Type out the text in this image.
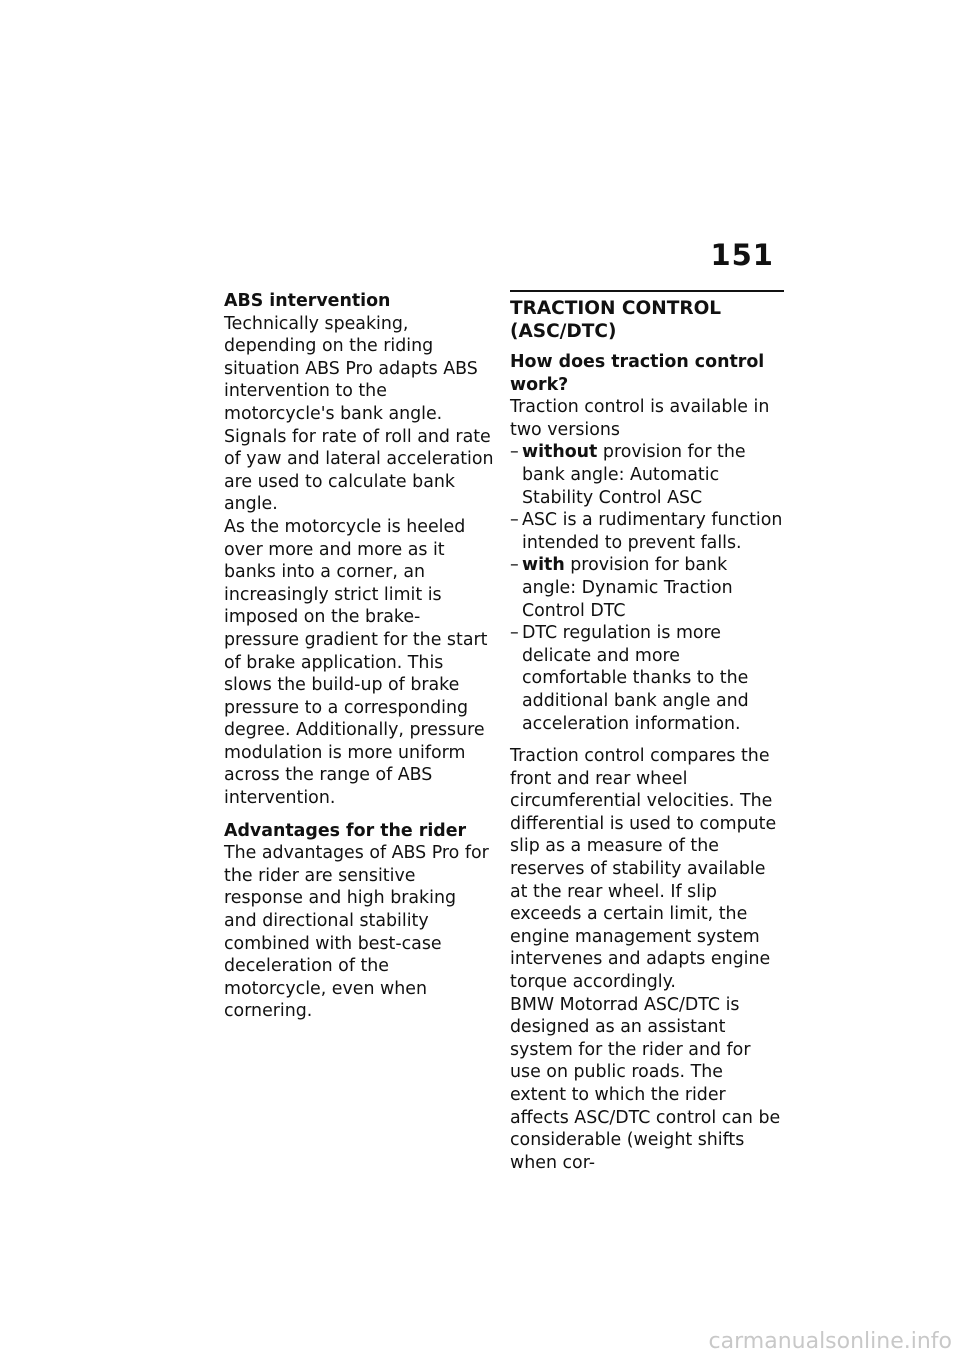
151

ABS intervention

Technically speaking, depending on the riding situation ABS Pro adapts ABS intervention to the motorcycle's bank angle. Signals for rate of roll and rate of yaw and lateral acceleration are used to calculate bank angle.

As the motorcycle is heeled over more and more as it banks into a corner, an increasingly strict limit is imposed on the brake-pressure gradient for the start of brake application. This slows the build-up of brake pressure to a corresponding degree. Additionally, pressure modulation is more uniform across the range of ABS intervention.

Advantages for the rider

The advantages of ABS Pro for the rider are sensitive response and high braking and directional stability combined with best-case deceleration of the motorcycle, even when cornering.

TRACTION CONTROL (ASC/DTC)

How does traction control work?

Traction control is available in two versions

– without provision for the bank angle: Automatic Stability Control ASC
– ASC is a rudimentary function intended to prevent falls.
– with provision for bank angle: Dynamic Traction Control DTC
– DTC regulation is more delicate and more comfortable thanks to the additional bank angle and acceleration information.

Traction control compares the front and rear wheel circumferential velocities. The differential is used to compute slip as a measure of the reserves of stability available at the rear wheel. If slip exceeds a certain limit, the engine management system intervenes and adapts engine torque accordingly.

BMW Motorrad ASC/DTC is designed as an assistant system for the rider and for use on public roads. The extent to which the rider affects ASC/DTC control can be considerable (weight shifts when cor-

carmanualsonline.info
